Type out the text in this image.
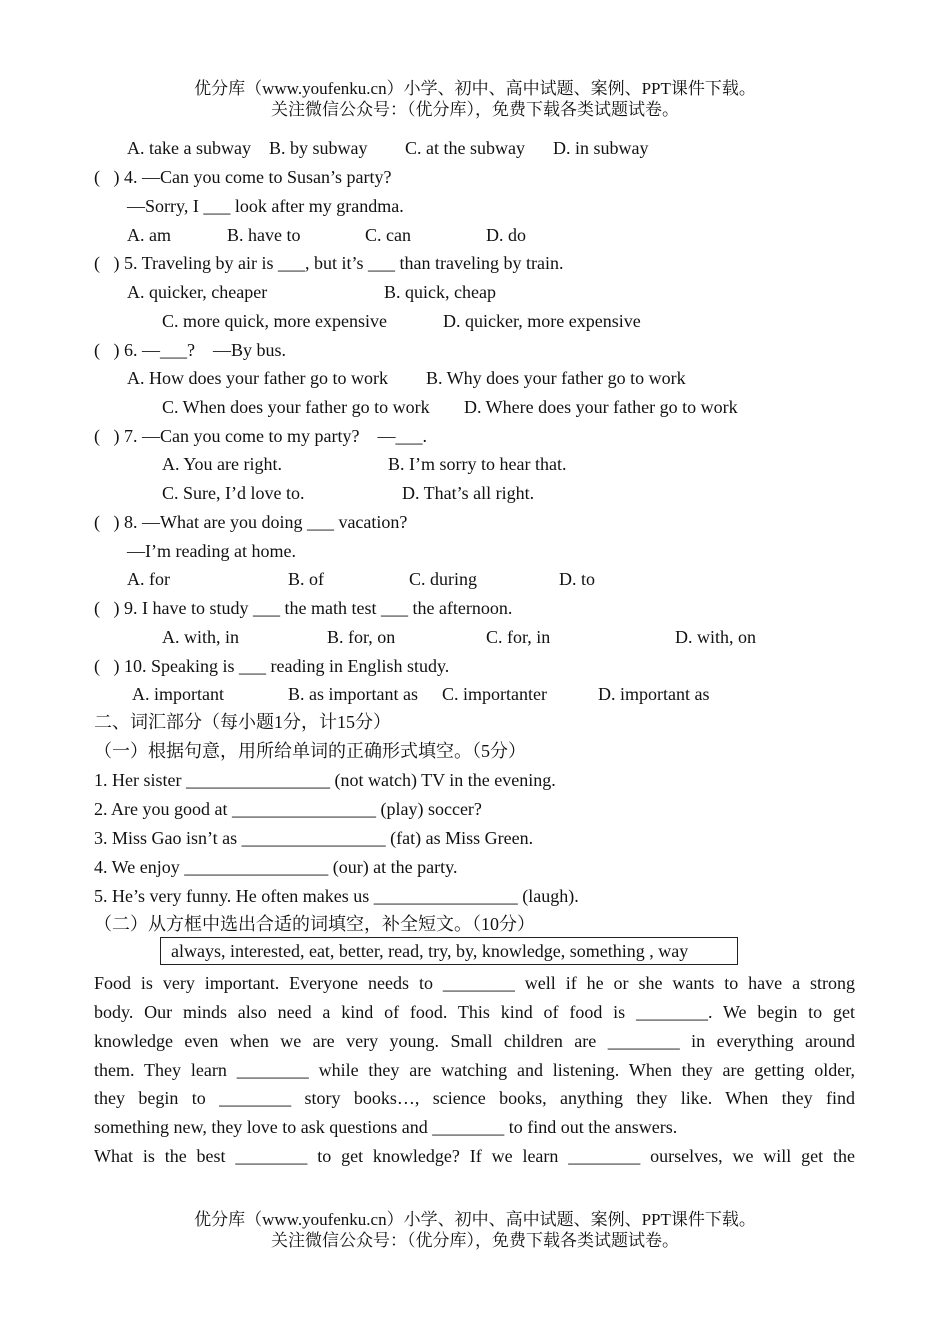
优分库（www.youfenku.cn）小学、初中、高中试题、案例、PPT课件下载。
关注微信公众号：（优分库），免费下载各类试题试卷。
A. take a subway B. by subway C. at the subway D. in subway
(   ) 4. —Can you come to Susan’s party?
—Sorry, I ___ look after my grandma.
A. am	B. have to	C. can	D. do
(   ) 5. Traveling by air is ___, but it’s ___ than traveling by train.
A. quicker, cheaper	B. quick, cheap
C. more quick, more expensive	D. quicker, more expensive
(   ) 6. —___?    —By bus.
A. How does your father go to work B. Why does your father go to work
C. When does your father go to work D. Where does your father go to work
(   ) 7. —Can you come to my party?    —___.
A. You are right.	B. I’m sorry to hear that.
C. Sure, I’d love to.	D. That’s all right.
(   ) 8. —What are you doing ___ vacation?
—I’m reading at home.
A. for	B. of	C. during	D. to
(   ) 9. I have to study ___ the math test ___ the afternoon.
A. with, in	B. for, on	C. for, in	D. with, on
(   ) 10. Speaking is ___ reading in English study.
A. important	B. as important as C. importanter	D. important as
二、词汇部分（每小题1分，计15分）
（一）根据句意，用所给单词的正确形式填空。（5分）
1. Her sister ________________ (not watch) TV in the evening.
2. Are you good at ________________ (play) soccer?
3. Miss Gao isn’t as ________________ (fat) as Miss Green.
4. We enjoy ________________ (our) at the party.
5. He’s very funny. He often makes us ________________ (laugh).
（二）从方框中选出合适的词填空，补全短文。（10分）
always, interested, eat, better, read, try, by, knowledge, something , way
Food is very important. Everyone needs to ________ well if he or she wants to have a strong
body. Our minds also need a kind of food. This kind of food is ________. We begin to get
knowledge even when we are very young. Small children are ________ in everything around
them. They learn ________ while they are watching and listening. When they are getting older,
they begin to ________ story books…, science books, anything they like. When they find
something new, they love to ask questions and ________ to find out the answers.
What is the best ________ to get knowledge? If we learn ________ ourselves, we will get the
优分库（www.youfenku.cn）小学、初中、高中试题、案例、PPT课件下载。
关注微信公众号：（优分库），免费下载各类试题试卷。
